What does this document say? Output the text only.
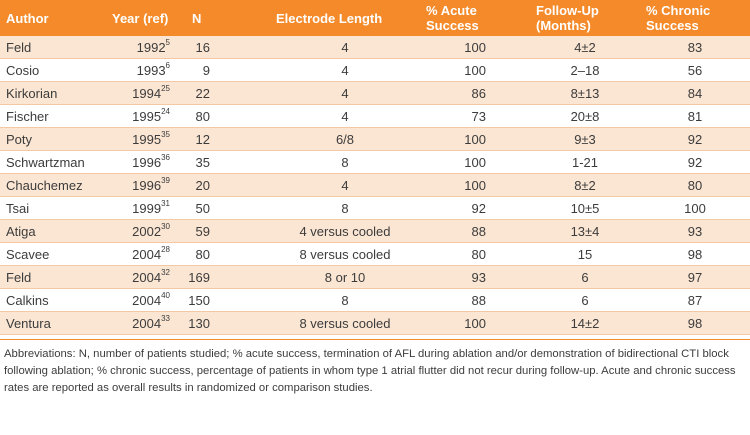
Author	Year (ref)	N	Electrode Length	% Acute Success	Follow-Up (Months)	% Chronic Success
Feld	1992$^5$	16	4	100	4±2	83
Cosio	1993$^6$	9	4	100	2–18	56
Kirkorian	1994$^{25}$	22	4	86	8±13	84
Fischer	1995$^{24}$	80	4	73	20±8	81
Poty	1995$^{35}$	12	6/8	100	9±3	92
Schwartzman	1996$^{36}$	35	8	100	1-21	92
Chauchemez	1996$^{39}$	20	4	100	8±2	80
Tsai	1999$^{31}$	50	8	92	10±5	100
Atiga	2002$^{30}$	59	4 versus cooled	88	13±4	93
Scavee	2004$^{28}$	80	8 versus cooled	80	15	98
Feld	2004$^{32}$	169	8 or 10	93	6	97
Calkins	2004$^{40}$	150	8	88	6	87
Ventura	2004$^{33}$	130	8 versus cooled	100	14±2	98
Abbreviations: N, number of patients studied; % acute success, termination of AFL during ablation and/or demonstration of bidirectional CTI block following ablation; % chronic success, percentage of patients in whom type 1 atrial flutter did not recur during follow-up. Acute and chronic success rates are reported as overall results in randomized or comparison studies.
